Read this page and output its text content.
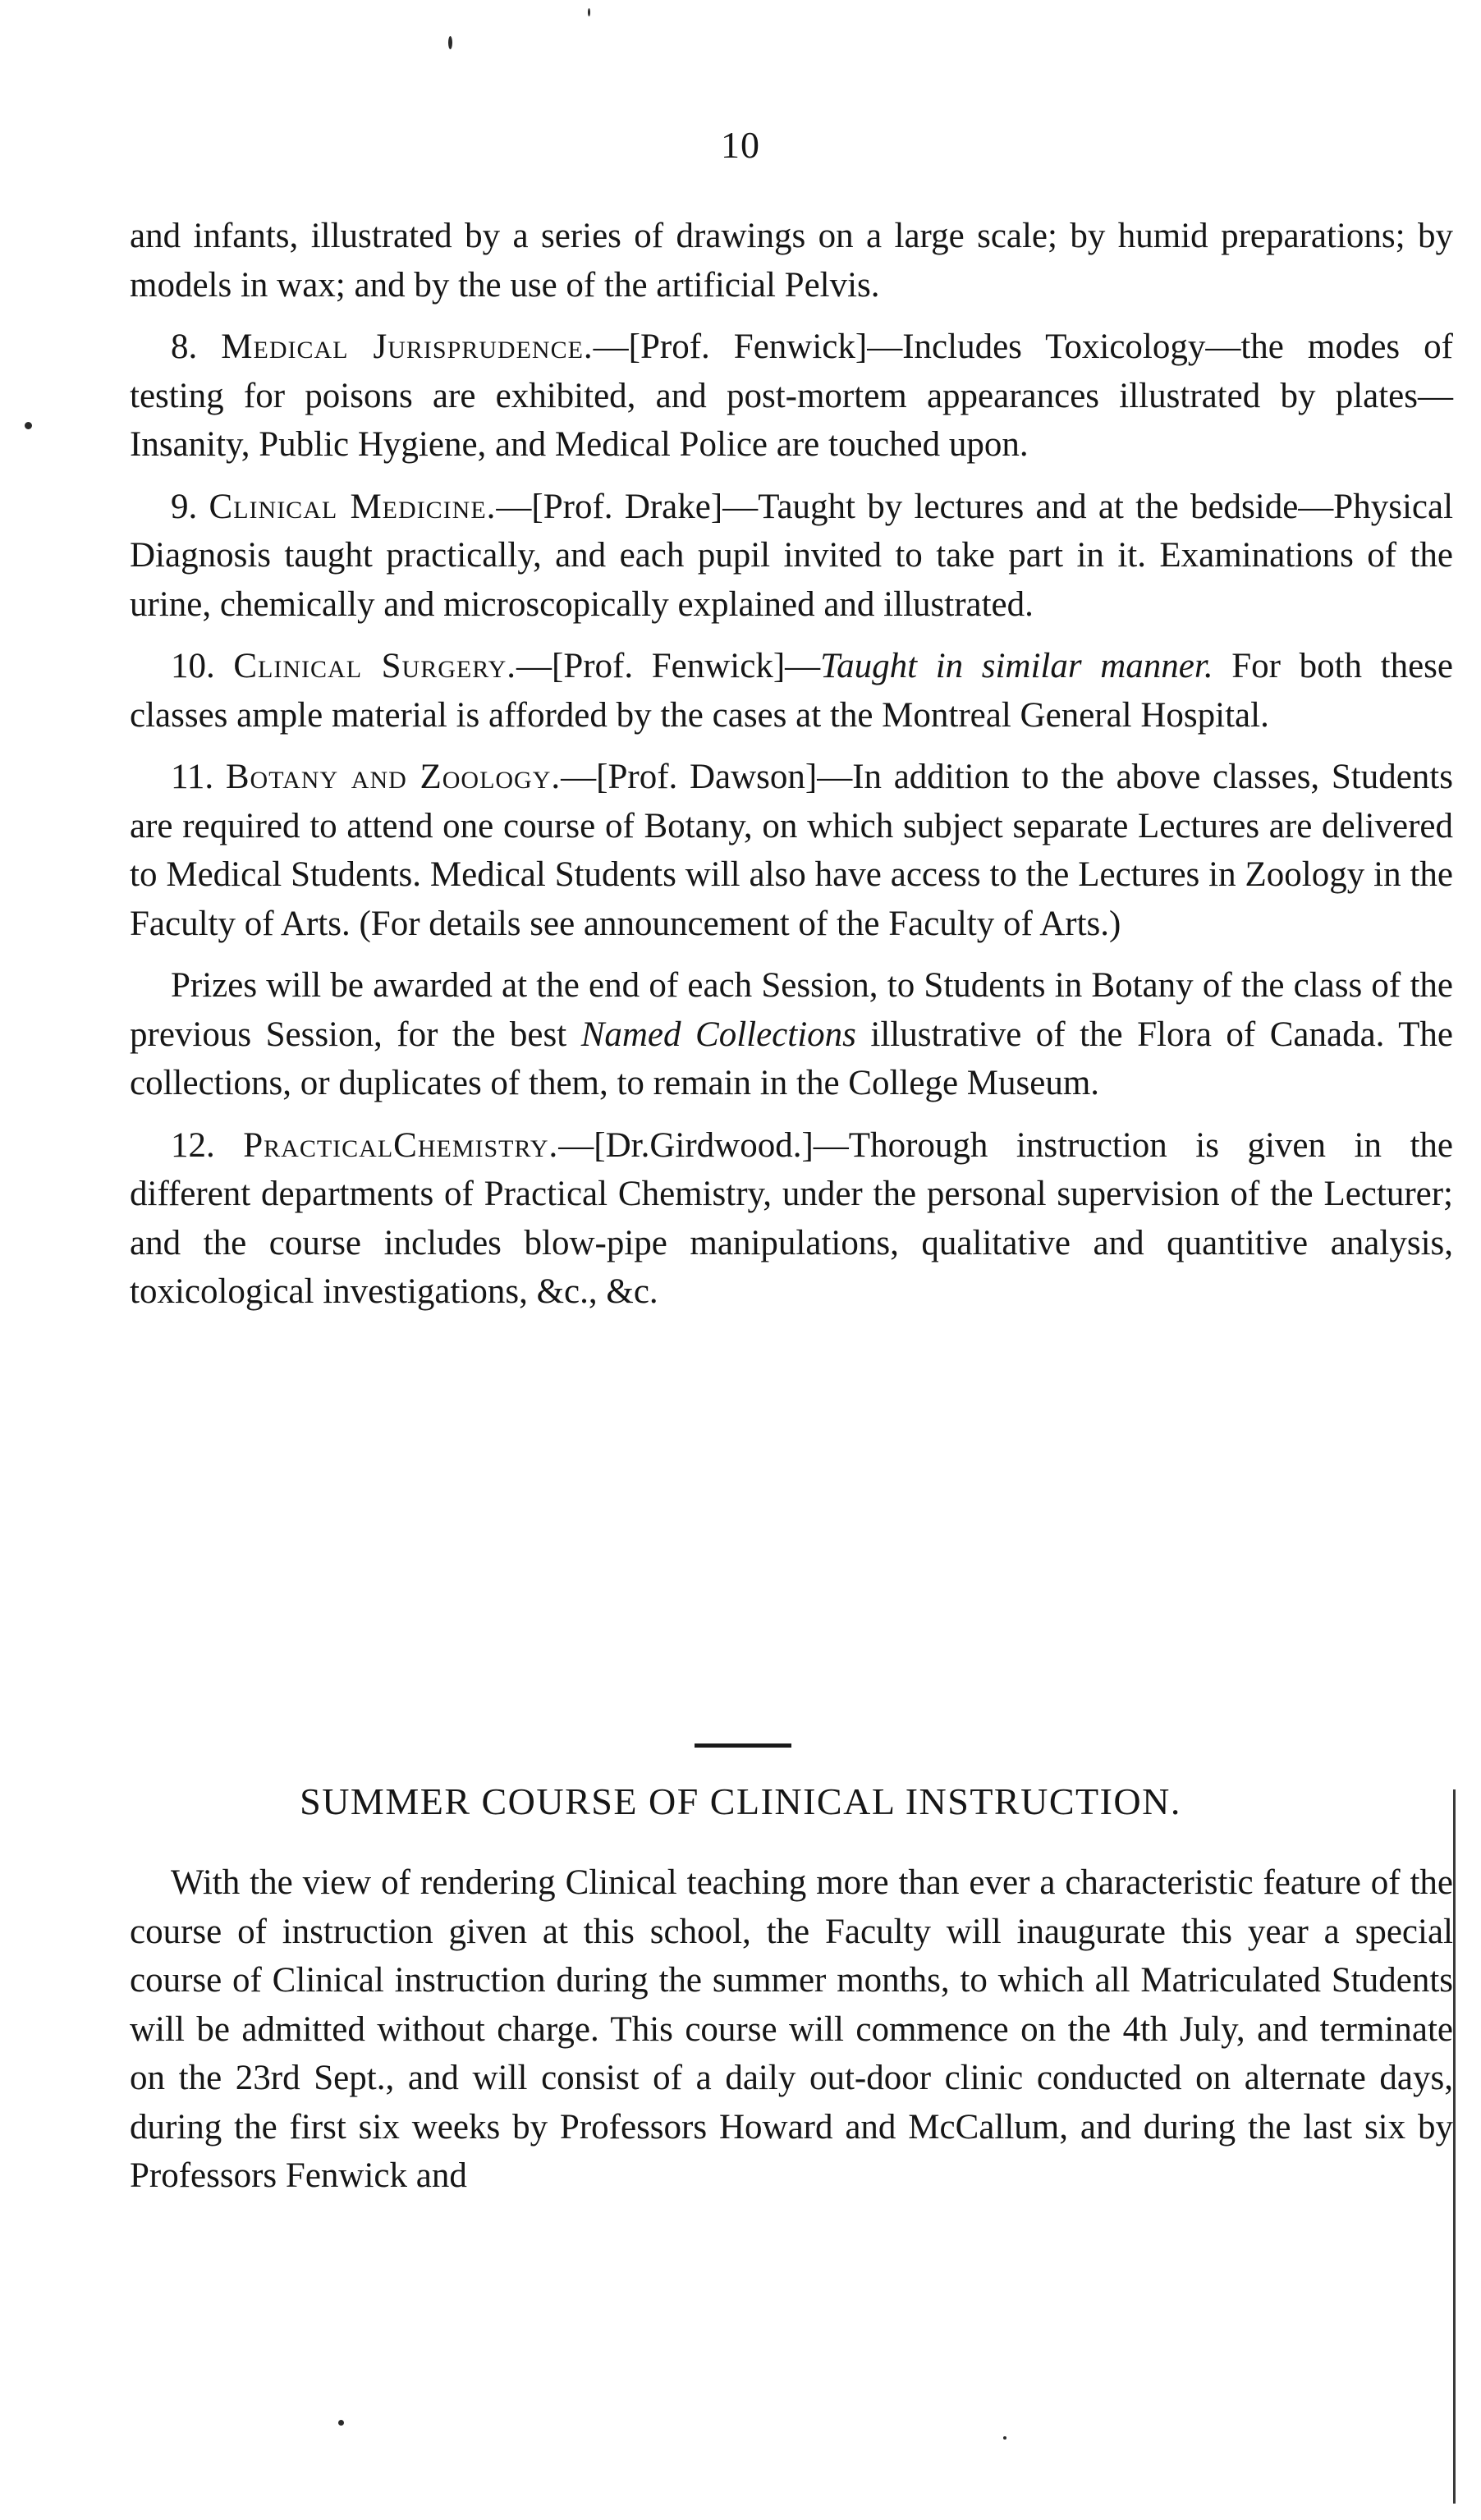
10

and infants, illustrated by a series of drawings on a large scale; by humid preparations; by models in wax; and by the use of the artificial Pelvis.

8. Medical Jurisprudence.—[Prof. Fenwick]—Includes Toxicology—the modes of testing for poisons are exhibited, and post-mortem appearances illustrated by plates—Insanity, Public Hygiene, and Medical Police are touched upon.

9. Clinical Medicine.—[Prof. Drake]—Taught by lectures and at the bedside—Physical Diagnosis taught practically, and each pupil invited to take part in it. Examinations of the urine, chemically and microscopically explained and illustrated.

10. Clinical Surgery.—[Prof. Fenwick]—Taught in similar manner. For both these classes ample material is afforded by the cases at the Montreal General Hospital.

11. Botany and Zoology.—[Prof. Dawson]—In addition to the above classes, Students are required to attend one course of Botany, on which subject separate Lectures are delivered to Medical Students. Medical Students will also have access to the Lectures in Zoology in the Faculty of Arts. (For details see announcement of the Faculty of Arts.)

Prizes will be awarded at the end of each Session, to Students in Botany of the class of the previous Session, for the best Named Collections illustrative of the Flora of Canada. The collections, or duplicates of them, to remain in the College Museum.

12. PracticalChemistry.—[Dr.Girdwood.]—Thorough instruction is given in the different departments of Practical Chemistry, under the personal supervision of the Lecturer; and the course includes blow-pipe manipulations, qualitative and quantitive analysis, toxicological investigations, &c., &c.

SUMMER COURSE OF CLINICAL INSTRUCTION.

With the view of rendering Clinical teaching more than ever a characteristic feature of the course of instruction given at this school, the Faculty will inaugurate this year a special course of Clinical instruction during the summer months, to which all Matriculated Students will be admitted without charge. This course will commence on the 4th July, and terminate on the 23rd Sept., and will consist of a daily out-door clinic conducted on alternate days, during the first six weeks by Professors Howard and McCallum, and during the last six by Professors Fenwick and
